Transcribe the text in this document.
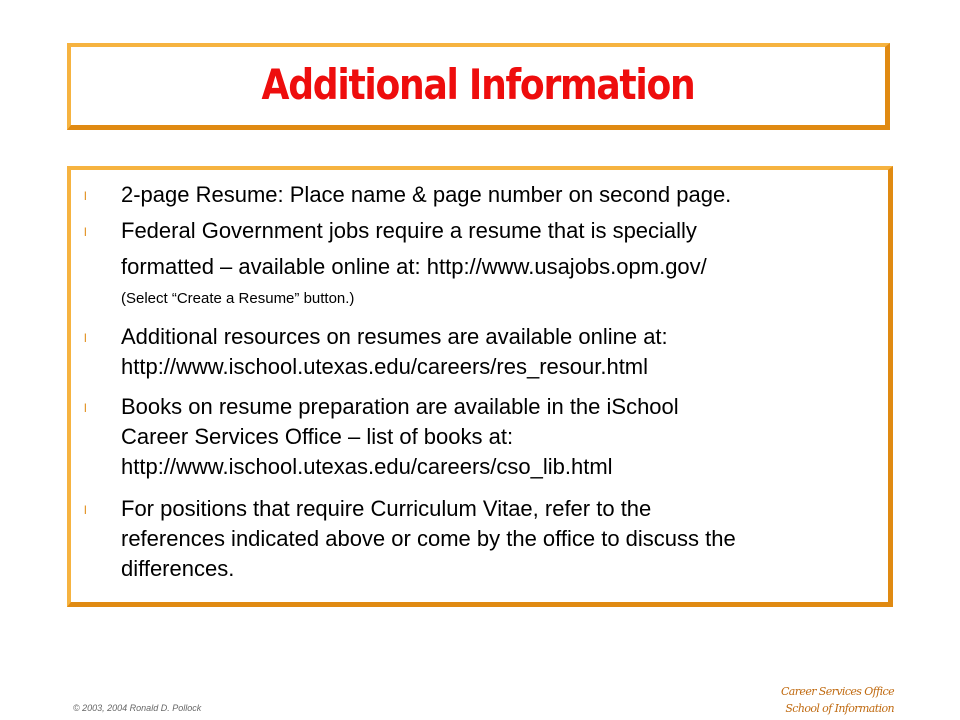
Additional Information
l 2-page Resume: Place name & page number on second page.
l Federal Government jobs require a resume that is specially
formatted – available online at: http://www.usajobs.opm.gov/
(Select “Create a Resume” button.)
l Additional resources on resumes are available online at:
http://www.ischool.utexas.edu/careers/res_resour.html
l Books on resume preparation are available in the iSchool
Career Services Office – list of books at:
http://www.ischool.utexas.edu/careers/cso_lib.html
l For positions that require Curriculum Vitae, refer to the
references indicated above or come by the office to discuss the
differences.
© 2003, 2004 Ronald D. Pollock
Career Services Office
School of Information
